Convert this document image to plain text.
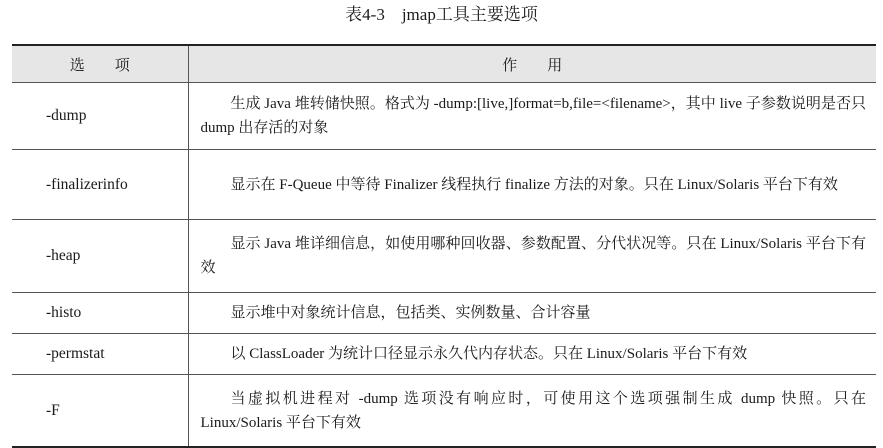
表4-3　jmap工具主要选项
选　　项	作　　用
-dump	生成 Java 堆转储快照。格式为 -dump:[live,]format=b,file=<filename>，其中 live 子参数说明是否只 dump 出存活的对象
-finalizerinfo	显示在 F-Queue 中等待 Finalizer 线程执行 finalize 方法的对象。只在 Linux/Solaris 平台下有效
-heap	显示 Java 堆详细信息，如使用哪种回收器、参数配置、分代状况等。只在 Linux/Solaris 平台下有效
-histo	显示堆中对象统计信息，包括类、实例数量、合计容量
-permstat	以 ClassLoader 为统计口径显示永久代内存状态。只在 Linux/Solaris 平台下有效
-F	当虚拟机进程对 -dump 选项没有响应时，可使用这个选项强制生成 dump 快照。只在 Linux/Solaris 平台下有效
